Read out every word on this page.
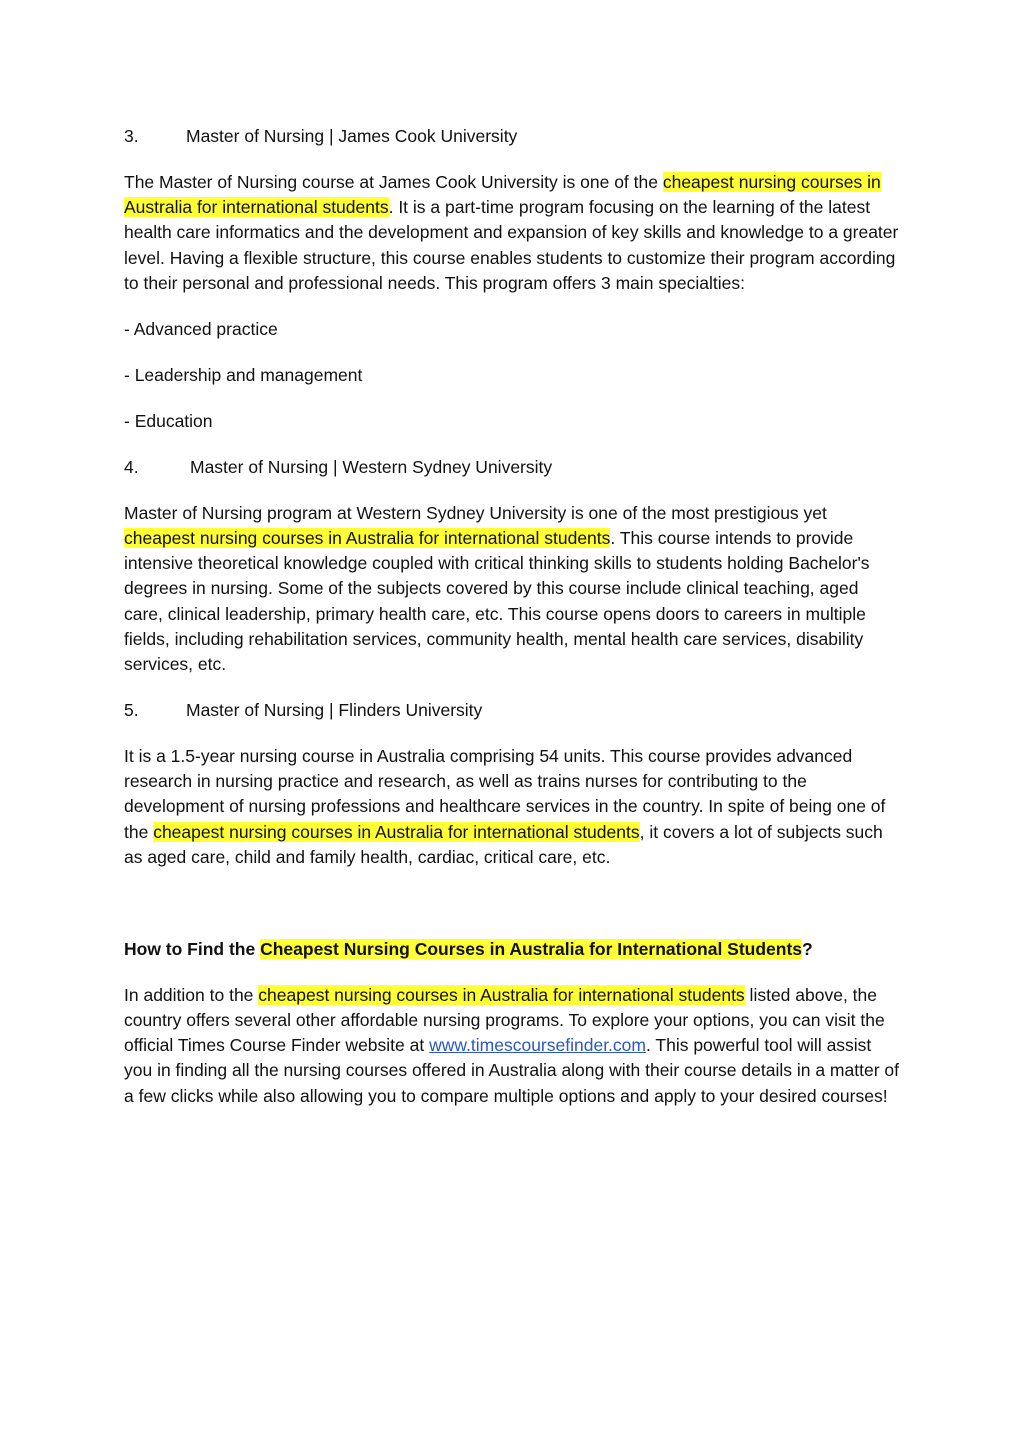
3.	Master of Nursing | James Cook University

The Master of Nursing course at James Cook University is one of the cheapest nursing courses in Australia for international students. It is a part-time program focusing on the learning of the latest health care informatics and the development and expansion of key skills and knowledge to a greater level. Having a flexible structure, this course enables students to customize their program according to their personal and professional needs. This program offers 3 main specialties:

- Advanced practice

- Leadership and management

- Education

4.	Master of Nursing | Western Sydney University

Master of Nursing program at Western Sydney University is one of the most prestigious yet cheapest nursing courses in Australia for international students. This course intends to provide intensive theoretical knowledge coupled with critical thinking skills to students holding Bachelor's degrees in nursing. Some of the subjects covered by this course include clinical teaching, aged care, clinical leadership, primary health care, etc. This course opens doors to careers in multiple fields, including rehabilitation services, community health, mental health care services, disability services, etc.

5.	Master of Nursing | Flinders University

It is a 1.5-year nursing course in Australia comprising 54 units. This course provides advanced research in nursing practice and research, as well as trains nurses for contributing to the development of nursing professions and healthcare services in the country. In spite of being one of the cheapest nursing courses in Australia for international students, it covers a lot of subjects such as aged care, child and family health, cardiac, critical care, etc.

How to Find the Cheapest Nursing Courses in Australia for International Students?

In addition to the cheapest nursing courses in Australia for international students listed above, the country offers several other affordable nursing programs. To explore your options, you can visit the official Times Course Finder website at www.timescoursefinder.com. This powerful tool will assist you in finding all the nursing courses offered in Australia along with their course details in a matter of a few clicks while also allowing you to compare multiple options and apply to your desired courses!
